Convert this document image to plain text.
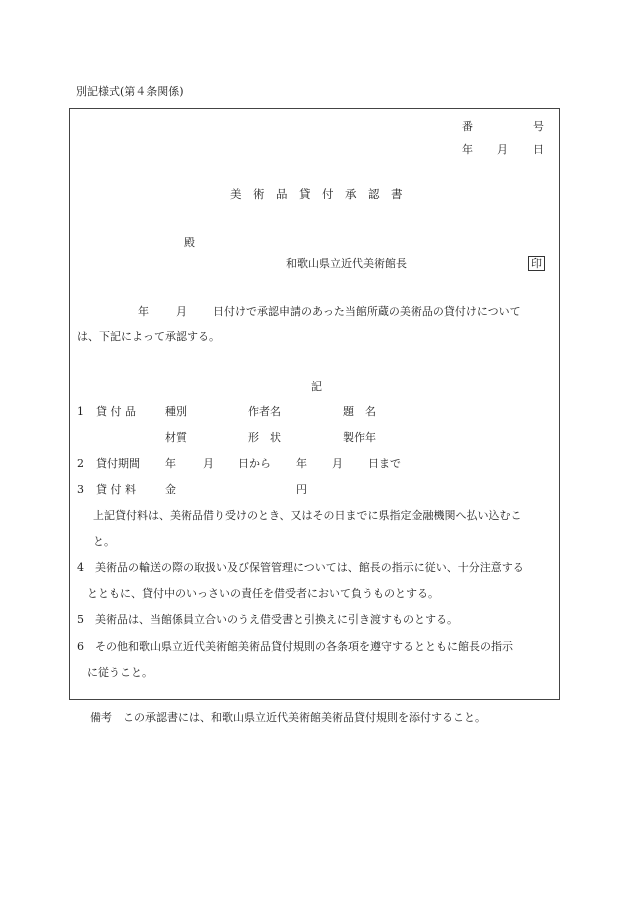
別記様式(第４条関係)
番	号
年 月 日
美　術　品　貸　付　承　認　書
殿
和歌山県立近代美術館長	印
年 月 日付けで承認申請のあった当館所蔵の美術品の貸付けについて
は、下記によって承認する。
記
1 貸 付 品	種別	作者名	題　名
材質	形　状	製作年
2 貸付期間 年 月 日から 年 月 日まで
3 貸 付 料	金	円
上記貸付料は、美術品借り受けのとき、又はその日までに県指定金融機関へ払い込むこ
と。
4　美術品の輸送の際の取扱い及び保管管理については、館長の指示に従い、十分注意する
とともに、貸付中のいっさいの責任を借受者において負うものとする。
5　美術品は、当館係員立合いのうえ借受書と引換えに引き渡すものとする。
6　その他和歌山県立近代美術館美術品貸付規則の各条項を遵守するとともに館長の指示
に従うこと。
備考　この承認書には、和歌山県立近代美術館美術品貸付規則を添付すること。
